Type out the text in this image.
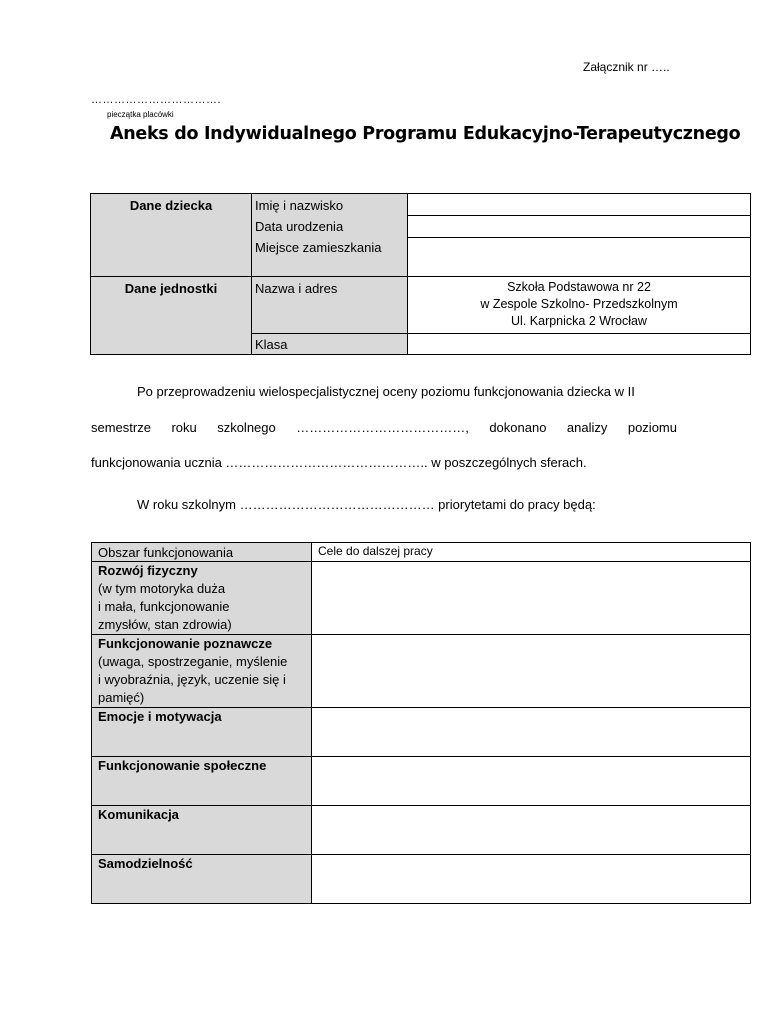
Załącznik nr …..
…………………………….
pieczątka placówki
Aneks do Indywidualnego Programu Edukacyjno-Terapeutycznego
Dane dziecka	Imię i nazwisko
Data urodzenia
Miejsce zamieszkania	

Dane jednostki	Nazwa i adres	Szkoła Podstawowa nr 22
w Zespole Szkolno- Przedszkolnym
Ul. Karpnicka 2 Wrocław

	Klasa	
Po przeprowadzeniu wielospecjalistycznej oceny poziomu funkcjonowania dziecka w II
semestrze roku szkolnego …………………………………, dokonano analizy poziomu
funkcjonowania ucznia ……………………………………….. w poszczególnych sferach.
W roku szkolnym ……………………………………… priorytetami do pracy będą:
Obszar funkcjonowania	Cele do dalszej pracy

Rozwój fizyczny
(w tym motoryka duża
i mała, funkcjonowanie
zmysłów, stan zdrowia)	

Funkcjonowanie poznawcze
(uwaga, spostrzeganie, myślenie
i wyobraźnia, język, uczenie się i
pamięć)	

Emocje i motywacja	

Funkcjonowanie społeczne	

Komunikacja	

Samodzielność	
